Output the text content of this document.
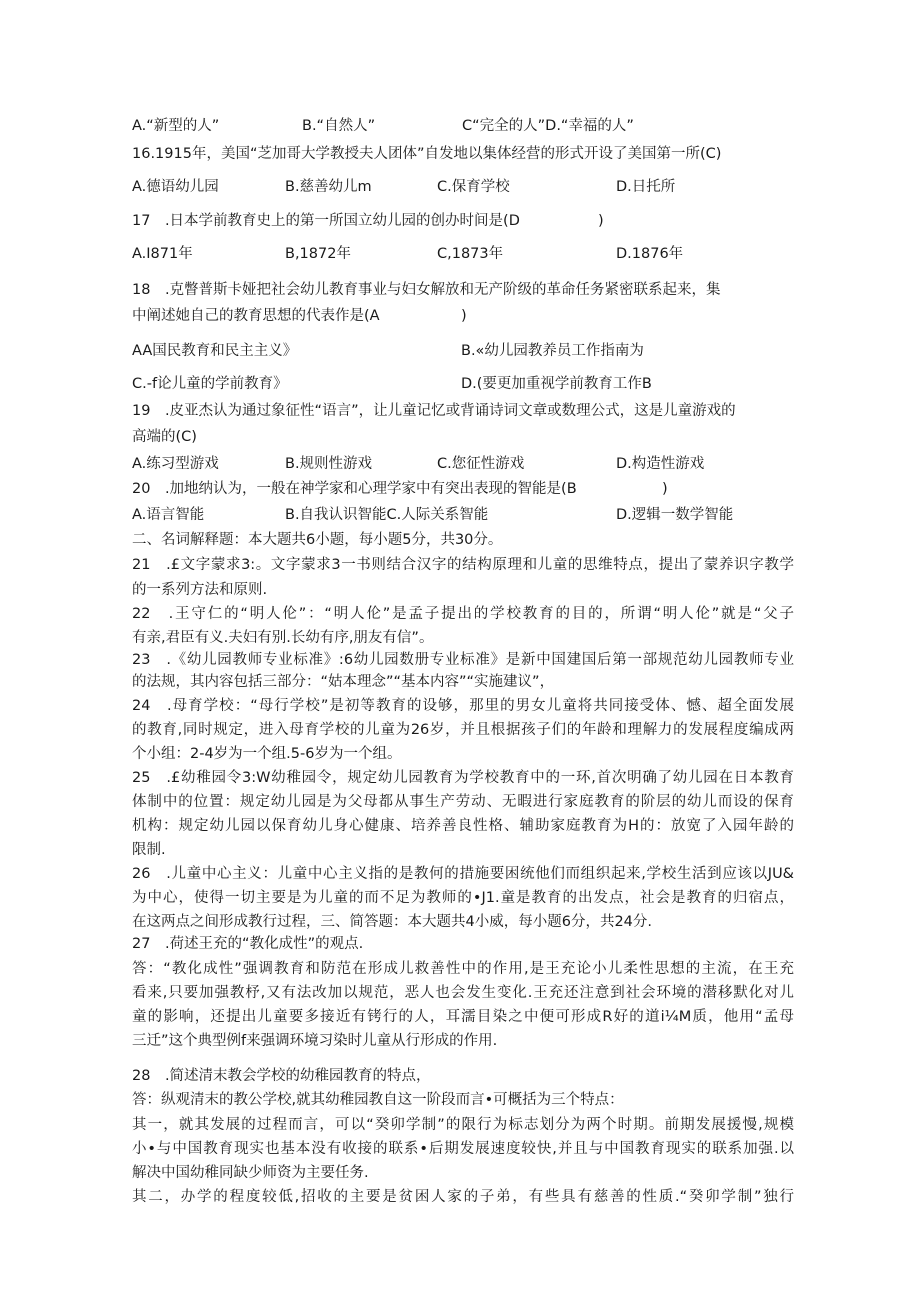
A.“新型的人”	B.“自然人”	C“完全的人”D.“幸福的人”
16.1915年，美国“芝加哥大学教授夫人团体”自发地以集体经营的形式开设了美国第一所(C)
A.德语幼儿园	B.慈善幼儿m	C.保育学校	D.日托所
17　.日本学前教育史上的第一所国立幼儿园的创办时间是(D	)
A.I871年	B,1872年	C,1873年	D.1876年
18　.克瞥普斯卡娅把社会幼儿教育事业与妇女解放和无产阶级的革命任务紧密联系起来，集
中阐述她自己的教育思想的代表作是(A	)
AA国民教育和民主主义》	B.«幼儿园教养员工作指南为
C.-f论儿童的学前教育》	D.(要更加重视学前教育工作B
19　.皮亚杰认为通过象征性“语言”，让儿童记忆或背诵诗词文章或数理公式，这是儿童游戏的
高端的(C)
A.练习型游戏	B.规则性游戏	C.您征性游戏	D.构造性游戏
20　.加地纳认为，一般在神学家和心理学家中有突出表现的智能是(B	)
A.语言智能	B.自我认识智能C.人际关系智能	D.逻辑一数学智能
二、名词解释题：本大题共6小题，每小题5分，共30分。
21　.£文字蒙求3:。文字蒙求3一书则结合汉字的结构原理和儿童的思维特点，提出了蒙养识字教学
的一系列方法和原则.
22　.王守仁的“明人伦”：“明人伦”是孟子提出的学校教育的目的，所谓“明人伦”就是“父子
有亲,君臣有义.夫妇有别.长幼有序,朋友有信”。
23　.《幼儿园教师专业标准》:6幼儿园数册专业标准》是新中国建国后第一部规范幼儿园教师专业
的法规，其内容包括三部分：“姑本理念”“基本内容”“实施建议”，
24　.母育学校：“母行学校”是初等教育的设够，那里的男女儿童将共同接受体、憾、超全面发展
的教育,同时规定，进入母育学校的儿童为26岁，并且根据孩子们的年龄和理解力的发展程度编成两
个小组：2-4岁为一个组.5-6岁为一个组。
25　.£幼稚园令3:W幼稚园令，规定幼儿园教育为学校教育中的一环,首次明确了幼儿园在日本教育
体制中的位置：规定幼儿园是为父母都从事生产劳动、无暇进行家庭教育的阶层的幼儿而设的保育
机构：规定幼儿园以保育幼儿身心健康、培养善良性格、辅助家庭教育为H的：放宽了入园年龄的
限制.
26　.儿童中心主义：儿童中心主义指的是教何的措施要困统他们而组织起来,学校生活到应该以JU&
为中心，使得一切主要是为儿童的而不足为教师的•J1.童是教育的出发点，社会是教育的归宿点，
在这两点之间形成教行过程，三、简答题：本大题共4小威，每小题6分，共24分.
27　.荷述王充的“教化成性”的观点.
答：“教化成性”强调教育和防范在形成儿救善性中的作用,是王充论小儿柔性思想的主流，在王充
看来,只要加强教杼,又有法改加以规范，恶人也会发生变化.王充还注意到社会环境的潜移默化对儿
童的影响，还提出儿童要多接近有铐行的人，耳濡目染之中便可形成R好的道i¼M质，他用“孟母
三迁”这个典型例f来强调环境习染时儿童从行形成的作用.
28　.简述清末教会学校的幼稚园教育的特点，
答：纵观清末的教公学校,就其幼稚园教自这一阶段而言•可概括为三个特点：
其一，就其发展的过程而言，可以“癸卯学制”的限行为标志划分为两个时期。前期发展援慢,规模
小•与中国教育现实也基本没有收接的联系•后期发展速度较快,并且与中国教育现实的联系加强.以
解决中国幼稚同缺少师资为主要任务.
其二，办学的程度较低,招收的主要是贫困人家的子弟，有些具有慈善的性质.“癸卯学制”独行
